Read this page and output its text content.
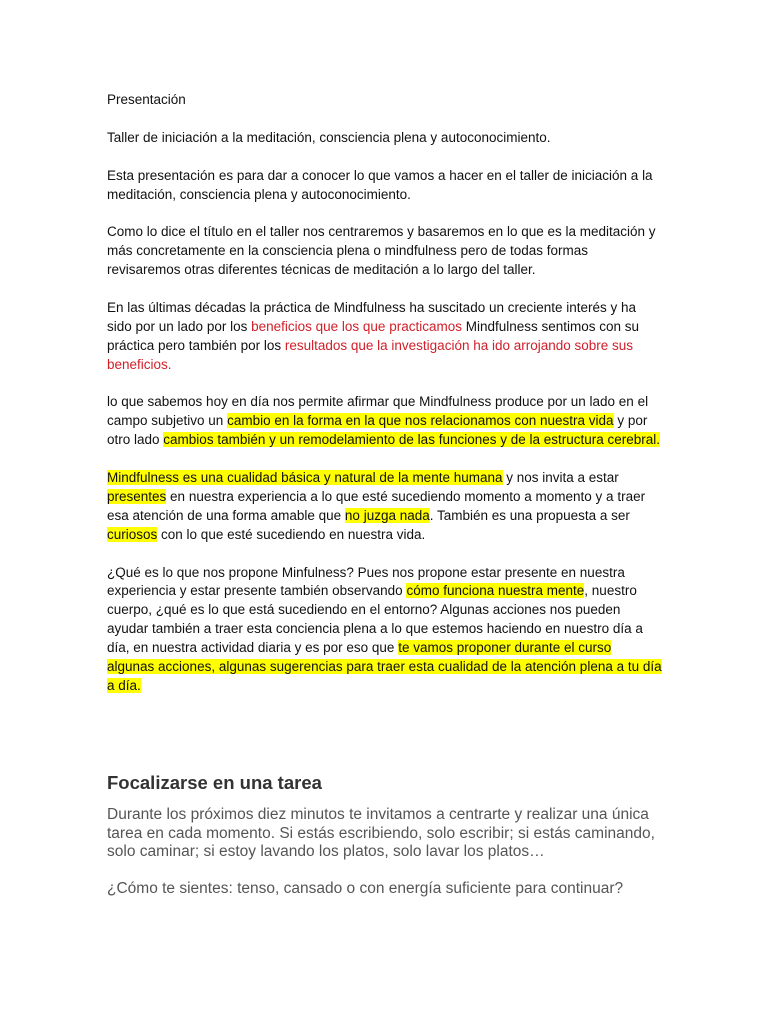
Presentación

Taller de iniciación a la meditación, consciencia plena y autoconocimiento.

Esta presentación es para dar a conocer lo que vamos a hacer en el taller de iniciación a la meditación, consciencia plena y autoconocimiento.

Como lo dice el título en el taller nos centraremos y basaremos en lo que es la meditación y más concretamente en la consciencia plena o mindfulness pero de todas formas revisaremos otras diferentes técnicas de meditación a lo largo del taller.

En las últimas décadas la práctica de Mindfulness ha suscitado un creciente interés y ha sido por un lado por los beneficios que los que practicamos Mindfulness sentimos con su práctica pero también por los resultados que la investigación ha ido arrojando sobre sus beneficios.

lo que sabemos hoy en día nos permite afirmar que Mindfulness produce por un lado en el campo subjetivo un cambio en la forma en la que nos relacionamos con nuestra vida y por otro lado cambios también y un remodelamiento de las funciones y de la estructura cerebral.

Mindfulness es una cualidad básica y natural de la mente humana y nos invita a estar presentes en nuestra experiencia a lo que esté sucediendo momento a momento y a traer esa atención de una forma amable que no juzga nada. También es una propuesta a ser curiosos con lo que esté sucediendo en nuestra vida.

¿Qué es lo que nos propone Minfulness? Pues nos propone estar presente en nuestra experiencia y estar presente también observando cómo funciona nuestra mente, nuestro cuerpo, ¿qué es lo que está sucediendo en el entorno? Algunas acciones nos pueden ayudar también a traer esta conciencia plena a lo que estemos haciendo en nuestro día a día, en nuestra actividad diaria y es por eso que te vamos proponer durante el curso algunas acciones, algunas sugerencias para traer esta cualidad de la atención plena a tu día a día.

Focalizarse en una tarea

Durante los próximos diez minutos te invitamos a centrarte y realizar una única tarea en cada momento. Si estás escribiendo, solo escribir; si estás caminando, solo caminar; si estoy lavando los platos, solo lavar los platos…

¿Cómo te sientes: tenso, cansado o con energía suficiente para continuar?
